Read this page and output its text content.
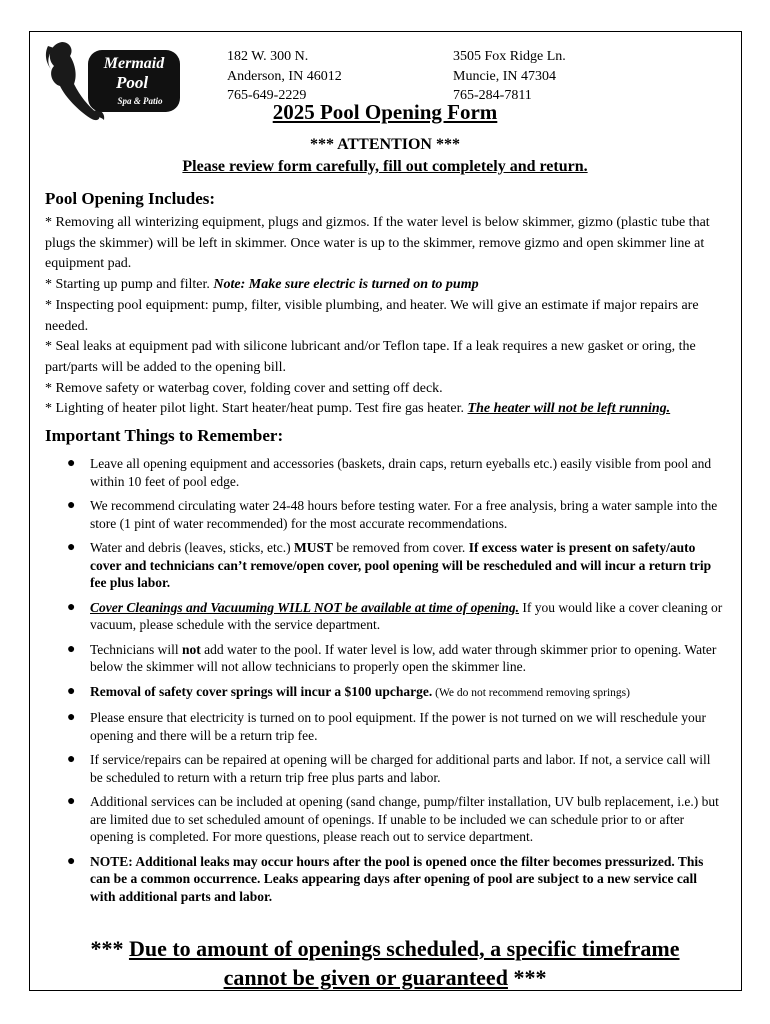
Mermaid
Pool
Spa & Patio
182 W. 300 N.
Anderson, IN 46012
765-649-2229
3505 Fox Ridge Ln.
Muncie, IN 47304
765-284-7811
2025 Pool Opening Form
*** ATTENTION ***
Please review form carefully, fill out completely and return.
Pool Opening Includes:

* Removing all winterizing equipment, plugs and gizmos. If the water level is below skimmer, gizmo (plastic tube that plugs the skimmer) will be left in skimmer. Once water is up to the skimmer, remove gizmo and open skimmer line at equipment pad.

* Starting up pump and filter. Note: Make sure electric is turned on to pump

* Inspecting pool equipment: pump, filter, visible plumbing, and heater. We will give an estimate if major repairs are needed.

* Seal leaks at equipment pad with silicone lubricant and/or Teflon tape. If a leak requires a new gasket or oring, the part/parts will be added to the opening bill.

* Remove safety or waterbag cover, folding cover and setting off deck.

* Lighting of heater pilot light. Start heater/heat pump. Test fire gas heater. The heater will not be left running.

Important Things to Remember:
● Leave all opening equipment and accessories (baskets, drain caps, return eyeballs etc.) easily visible from pool and within 10 feet of pool edge.
● We recommend circulating water 24-48 hours before testing water. For a free analysis, bring a water sample into the store (1 pint of water recommended) for the most accurate recommendations.
● Water and debris (leaves, sticks, etc.) MUST be removed from cover. If excess water is present on safety/auto cover and technicians can’t remove/open cover, pool opening will be rescheduled and will incur a return trip fee plus labor.
● Cover Cleanings and Vacuuming WILL NOT be available at time of opening. If you would like a cover cleaning or vacuum, please schedule with the service department.
● Technicians will not add water to the pool. If water level is low, add water through skimmer prior to opening. Water below the skimmer will not allow technicians to properly open the skimmer line.
● Removal of safety cover springs will incur a $100 upcharge. (We do not recommend removing springs)
● Please ensure that electricity is turned on to pool equipment. If the power is not turned on we will reschedule your opening and there will be a return trip fee.
● If service/repairs can be repaired at opening will be charged for additional parts and labor. If not, a service call will be scheduled to return with a return trip free plus parts and labor.
● Additional services can be included at opening (sand change, pump/filter installation, UV bulb replacement, i.e.) but are limited due to set scheduled amount of openings. If unable to be included we can schedule prior to or after opening is completed. For more questions, please reach out to service department.
● NOTE: Additional leaks may occur hours after the pool is opened once the filter becomes pressurized. This can be a common occurrence. Leaks appearing days after opening of pool are subject to a new service call with additional parts and labor.
*** Due to amount of openings scheduled, a specific timeframe
cannot be given or guaranteed ***
